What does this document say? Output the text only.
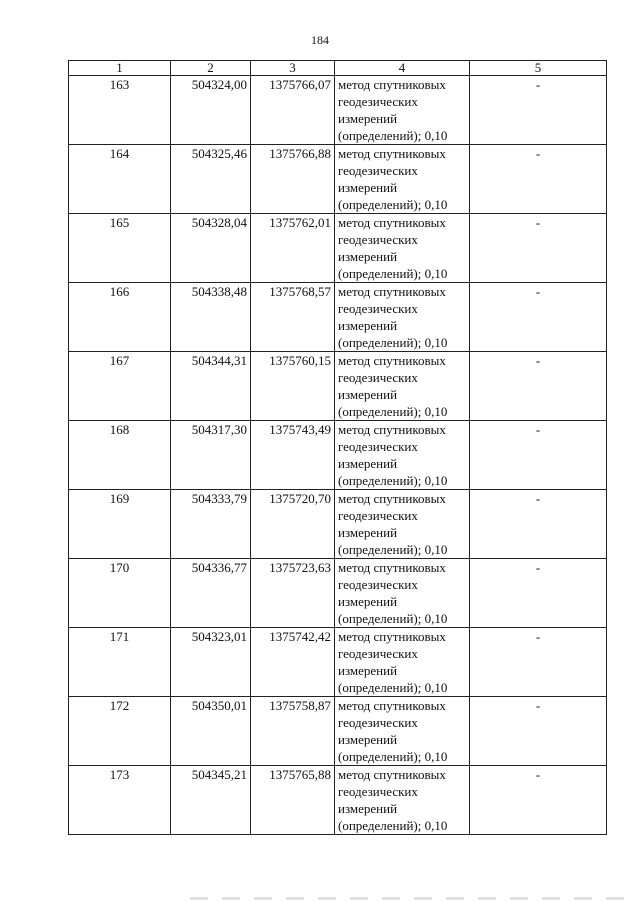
184
1	2	3	4	5
163	504324,00	1375766,07	метод спутниковых геодезических измерений (определений); 0,10	-
164	504325,46	1375766,88	метод спутниковых геодезических измерений (определений); 0,10	-
165	504328,04	1375762,01	метод спутниковых геодезических измерений (определений); 0,10	-
166	504338,48	1375768,57	метод спутниковых геодезических измерений (определений); 0,10	-
167	504344,31	1375760,15	метод спутниковых геодезических измерений (определений); 0,10	-
168	504317,30	1375743,49	метод спутниковых геодезических измерений (определений); 0,10	-
169	504333,79	1375720,70	метод спутниковых геодезических измерений (определений); 0,10	-
170	504336,77	1375723,63	метод спутниковых геодезических измерений (определений); 0,10	-
171	504323,01	1375742,42	метод спутниковых геодезических измерений (определений); 0,10	-
172	504350,01	1375758,87	метод спутниковых геодезических измерений (определений); 0,10	-
173	504345,21	1375765,88	метод спутниковых геодезических измерений (определений); 0,10	-
